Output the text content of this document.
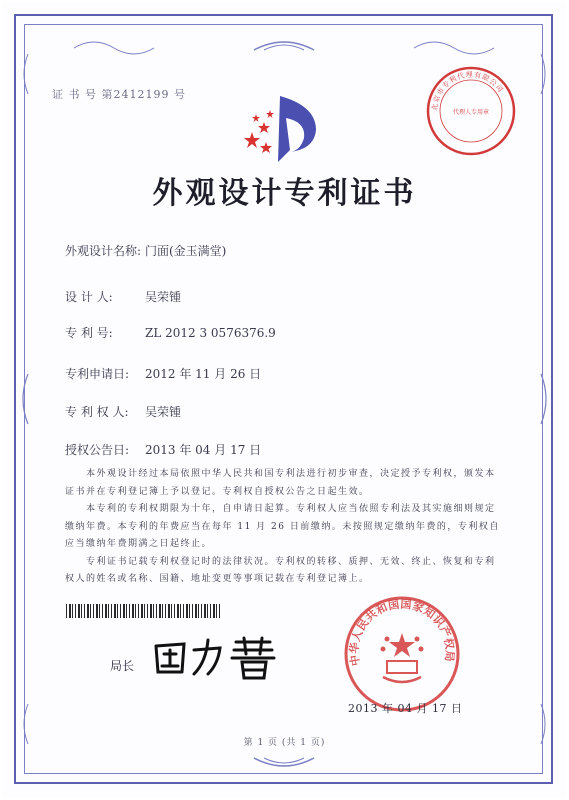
证 书 号 第2412199 号
北京市专利代理有限公司
代理人专用章
外观设计专利证书
外观设计名称: 门面(金玉满堂)
设 计 人:	吴荣锺
专 利 号:	ZL 2012 3 0576376.9
专利申请日: 2012 年 11 月 26 日
专 利 权 人: 吴荣锺
授权公告日: 2013 年 04 月 17 日

　　本外观设计经过本局依照中华人民共和国专利法进行初步审查，决定授予专利权，颁发本证书并在专利登记簿上予以登记。专利权自授权公告之日起生效。

　　本专利的专利权期限为十年，自申请日起算。专利权人应当依照专利法及其实施细则规定缴纳年费。本专利的年费应当在每年 11 月 26 日前缴纳。未按照规定缴纳年费的，专利权自应当缴纳年费期满之日起终止。

　　专利证书记载专利权登记时的法律状况。专利权的转移、质押、无效、终止、恢复和专利权人的姓名或名称、国籍、地址变更等事项记载在专利登记簿上。

局长	中华人民共和国国家知识产权局
2013 年 04 月 17 日
第 1 页 (共 1 页)
